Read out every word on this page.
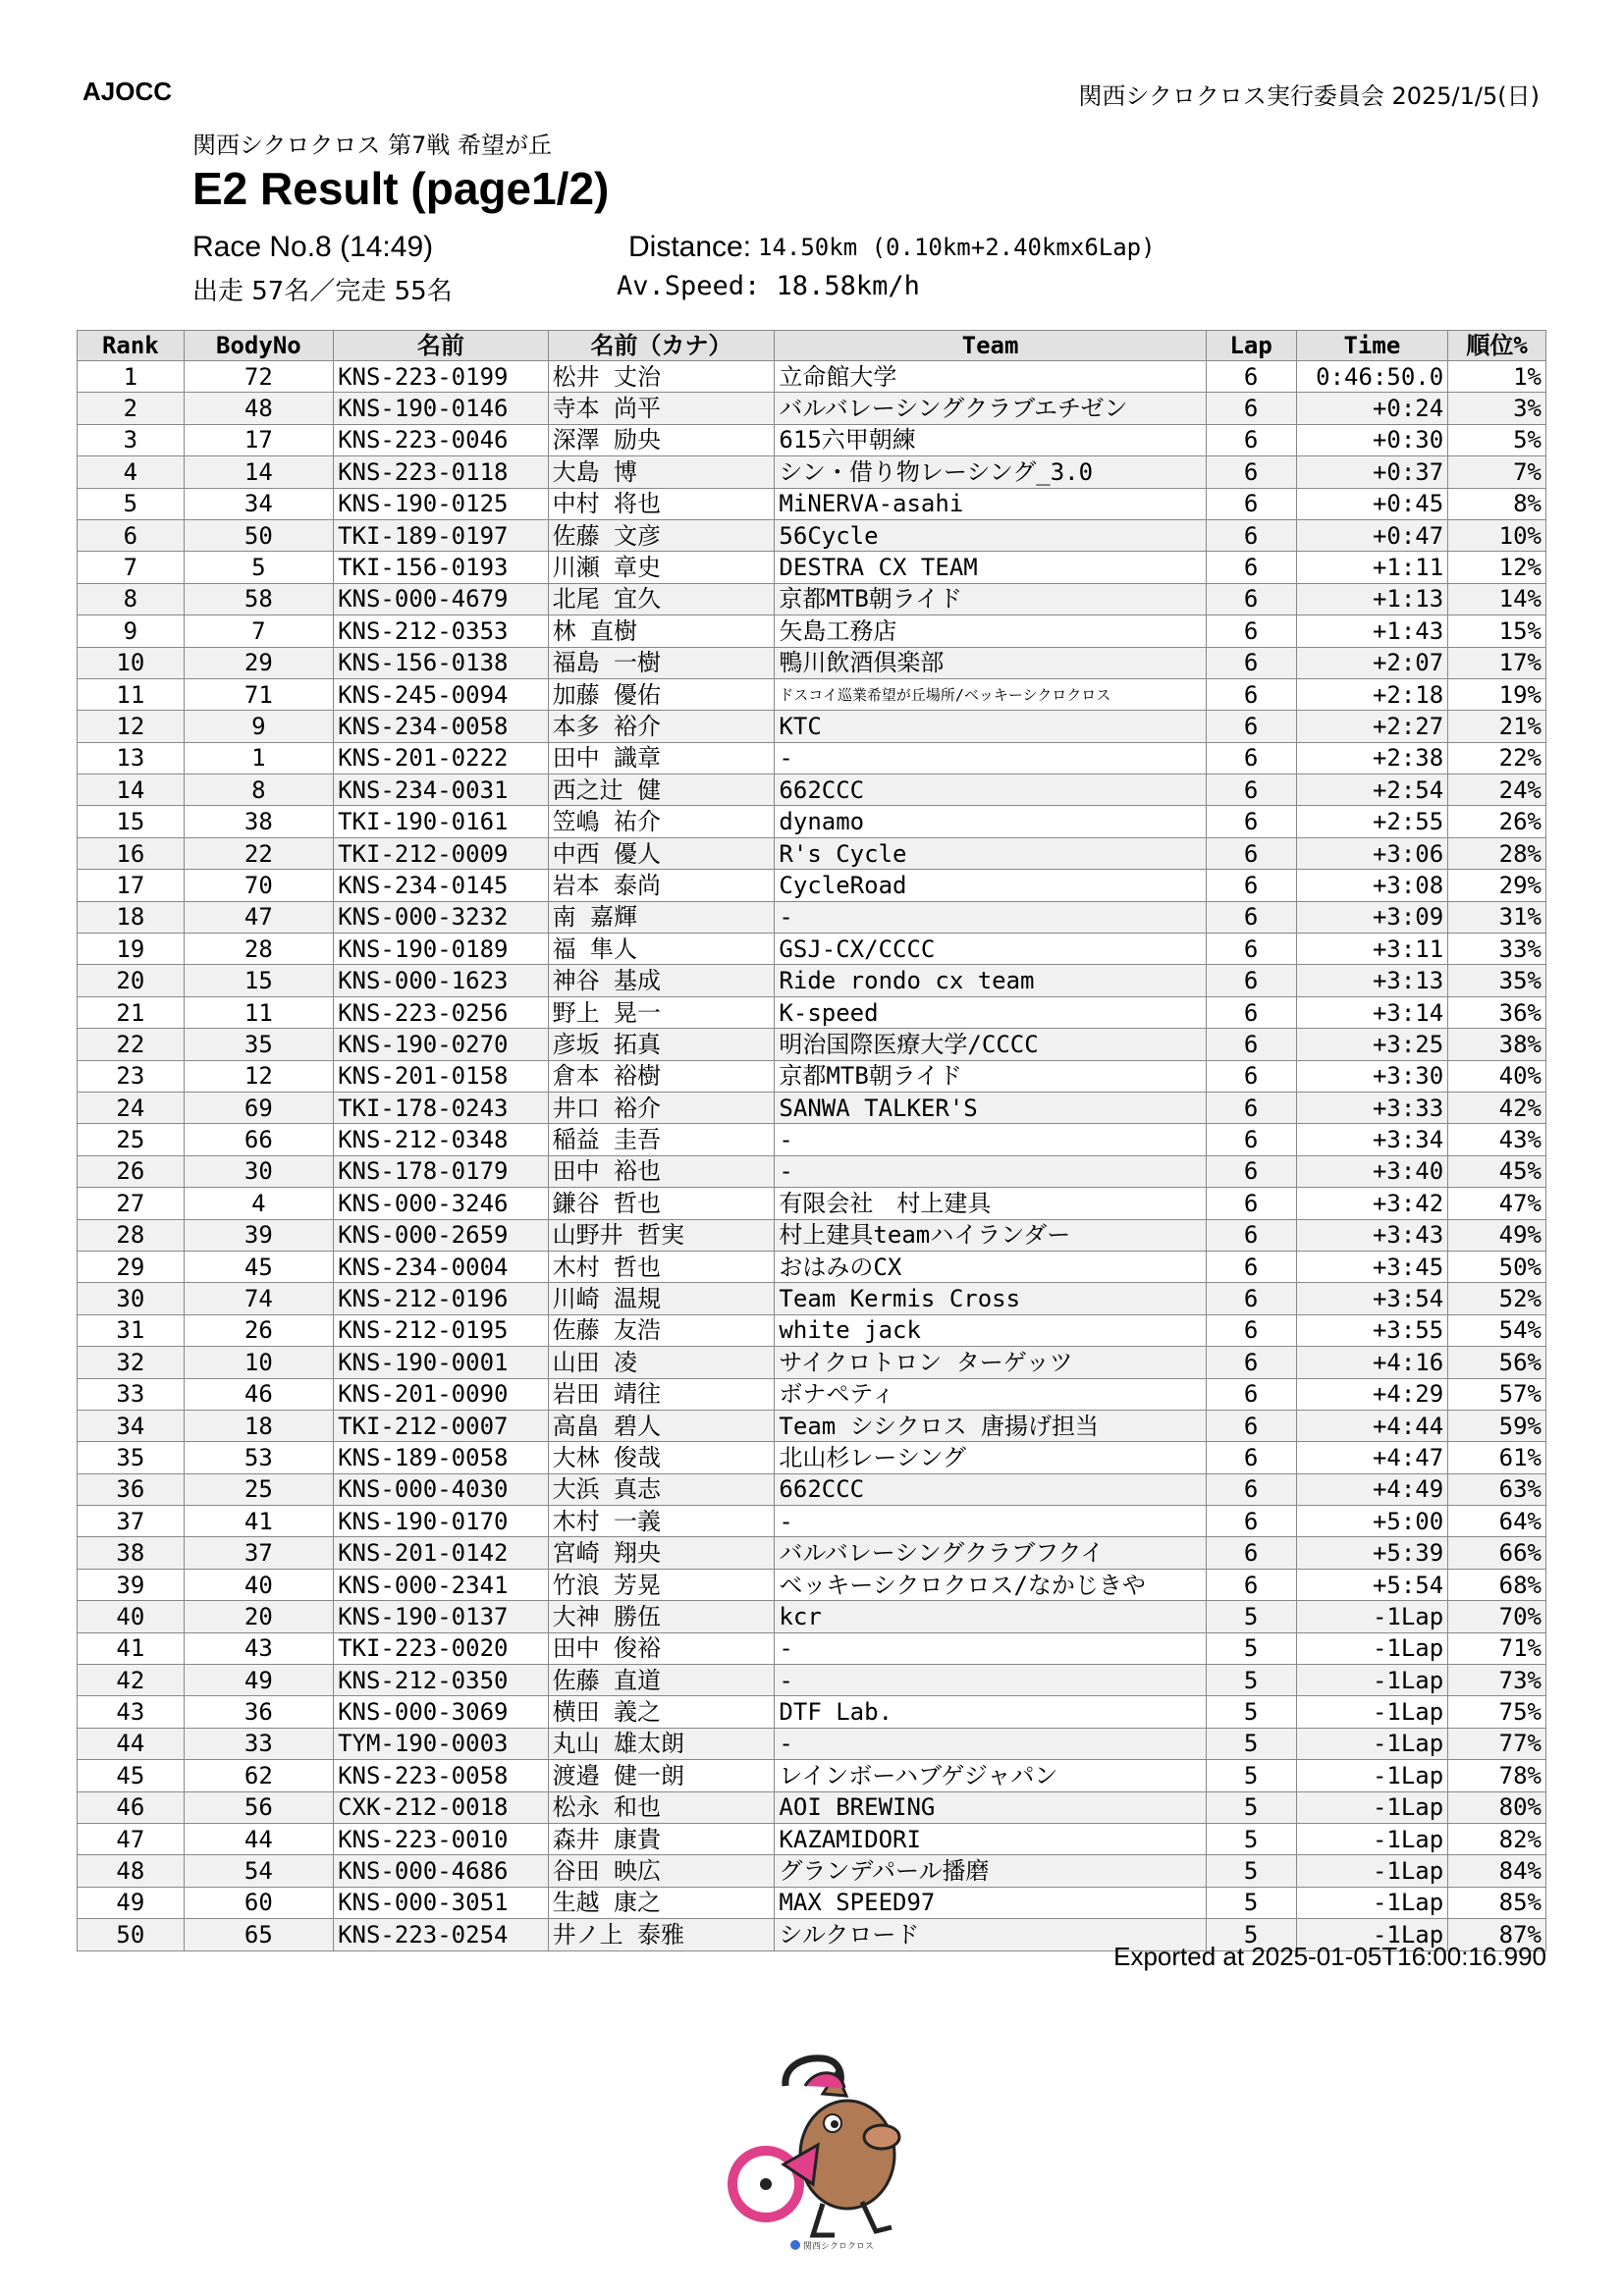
AJOCC	関西シクロクロス実行委員会 2025/1/5(日)
関西シクロクロス 第7戦 希望が丘
E2 Result (page1/2)
Race No.8 (14:49)	Distance: 14.50km (0.10km+2.40kmx6Lap)
出走 57名／完走 55名	Av.Speed: 18.58km/h
Rank	BodyNo	名前	名前（カナ）	Team	Lap	Time	順位%
1	72	KNS-223-0199	松井 丈治	立命館大学	6	0:46:50.0	1%
2	48	KNS-190-0146	寺本 尚平	バルバレーシングクラブエチゼン	6	+0:24	3%
3	17	KNS-223-0046	深澤 励央	615六甲朝練	6	+0:30	5%
4	14	KNS-223-0118	大島 博	シン・借り物レーシング_3.0	6	+0:37	7%
5	34	KNS-190-0125	中村 将也	MiNERVA-asahi	6	+0:45	8%
6	50	TKI-189-0197	佐藤 文彦	56Cycle	6	+0:47	10%
7	5	TKI-156-0193	川瀬 章史	DESTRA CX TEAM	6	+1:11	12%
8	58	KNS-000-4679	北尾 宜久	京都MTB朝ライド	6	+1:13	14%
9	7	KNS-212-0353	林 直樹	矢島工務店	6	+1:43	15%
10	29	KNS-156-0138	福島 一樹	鴨川飲酒倶楽部	6	+2:07	17%
11	71	KNS-245-0094	加藤 優佑	ドスコイ巡業希望が丘場所/ベッキーシクロクロス	6	+2:18	19%
12	9	KNS-234-0058	本多 裕介	KTC	6	+2:27	21%
13	1	KNS-201-0222	田中 識章	-	6	+2:38	22%
14	8	KNS-234-0031	西之辻 健	662CCC	6	+2:54	24%
15	38	TKI-190-0161	笠嶋 祐介	dynamo	6	+2:55	26%
16	22	TKI-212-0009	中西 優人	R's Cycle	6	+3:06	28%
17	70	KNS-234-0145	岩本 泰尚	CycleRoad	6	+3:08	29%
18	47	KNS-000-3232	南 嘉輝	-	6	+3:09	31%
19	28	KNS-190-0189	福 隼人	GSJ-CX/CCCC	6	+3:11	33%
20	15	KNS-000-1623	神谷 基成	Ride rondo cx team	6	+3:13	35%
21	11	KNS-223-0256	野上 晃一	K-speed	6	+3:14	36%
22	35	KNS-190-0270	彦坂 拓真	明治国際医療大学/CCCC	6	+3:25	38%
23	12	KNS-201-0158	倉本 裕樹	京都MTB朝ライド	6	+3:30	40%
24	69	TKI-178-0243	井口 裕介	SANWA TALKER'S	6	+3:33	42%
25	66	KNS-212-0348	稲益 圭吾	-	6	+3:34	43%
26	30	KNS-178-0179	田中 裕也	-	6	+3:40	45%
27	4	KNS-000-3246	鎌谷 哲也	有限会社　村上建具	6	+3:42	47%
28	39	KNS-000-2659	山野井 哲実	村上建具teamハイランダー	6	+3:43	49%
29	45	KNS-234-0004	木村 哲也	おはみのCX	6	+3:45	50%
30	74	KNS-212-0196	川崎 温規	Team Kermis Cross	6	+3:54	52%
31	26	KNS-212-0195	佐藤 友浩	white jack	6	+3:55	54%
32	10	KNS-190-0001	山田 凌	サイクロトロン ターゲッツ	6	+4:16	56%
33	46	KNS-201-0090	岩田 靖往	ボナペティ	6	+4:29	57%
34	18	TKI-212-0007	高畠 碧人	Team シシクロス 唐揚げ担当	6	+4:44	59%
35	53	KNS-189-0058	大林 俊哉	北山杉レーシング	6	+4:47	61%
36	25	KNS-000-4030	大浜 真志	662CCC	6	+4:49	63%
37	41	KNS-190-0170	木村 一義	-	6	+5:00	64%
38	37	KNS-201-0142	宮崎 翔央	バルバレーシングクラブフクイ	6	+5:39	66%
39	40	KNS-000-2341	竹浪 芳晃	ベッキーシクロクロス/なかじきや	6	+5:54	68%
40	20	KNS-190-0137	大神 勝伍	kcr	5	-1Lap	70%
41	43	TKI-223-0020	田中 俊裕	-	5	-1Lap	71%
42	49	KNS-212-0350	佐藤 直道	-	5	-1Lap	73%
43	36	KNS-000-3069	横田 義之	DTF Lab.	5	-1Lap	75%
44	33	TYM-190-0003	丸山 雄太朗	-	5	-1Lap	77%
45	62	KNS-223-0058	渡邉 健一朗	レインボーハブゲジャパン	5	-1Lap	78%
46	56	CXK-212-0018	松永 和也	AOI BREWING	5	-1Lap	80%
47	44	KNS-223-0010	森井 康貴	KAZAMIDORI	5	-1Lap	82%
48	54	KNS-000-4686	谷田 映広	グランデパール播磨	5	-1Lap	84%
49	60	KNS-000-3051	生越 康之	MAX SPEED97	5	-1Lap	85%
50	65	KNS-223-0254	井ノ上 泰雅	シルクロード	5	-1Lap	87%
Exported at 2025-01-05T16:00:16.990
関西シクロクロス
